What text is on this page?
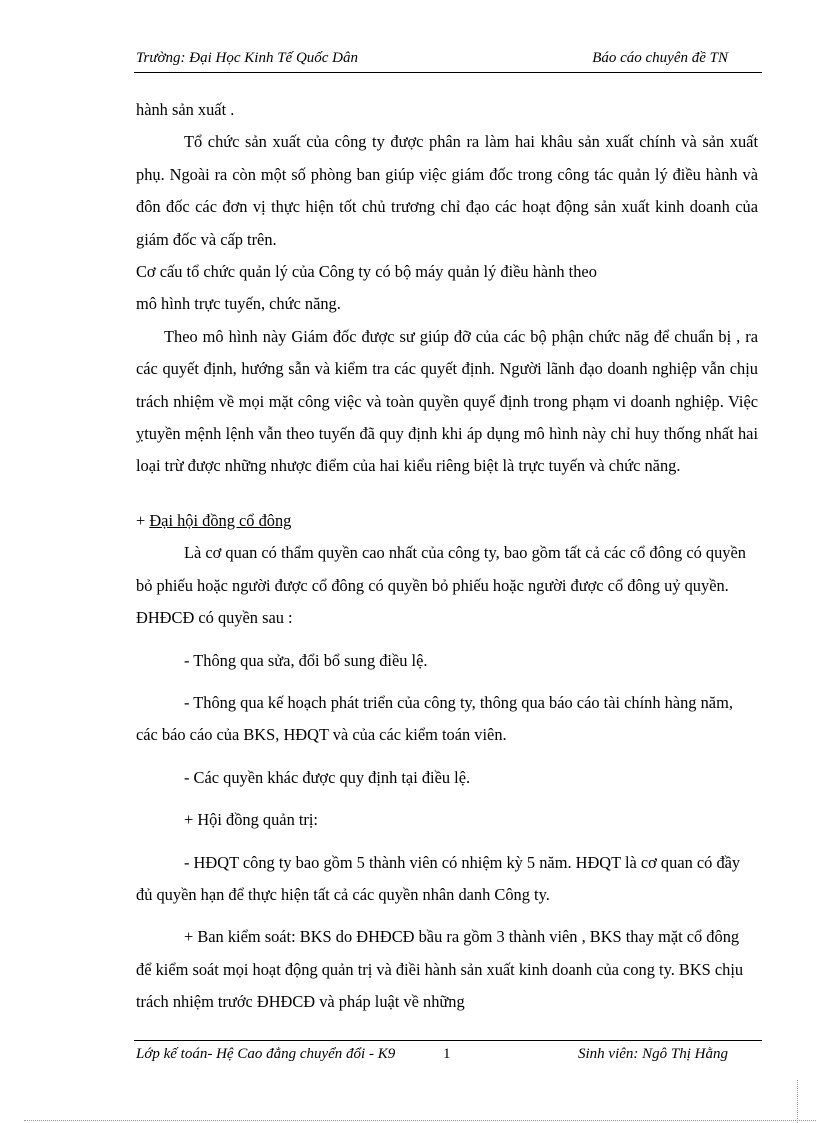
Trường: Đại Học Kinh Tế Quốc Dân	Báo cáo chuyên đề TN

hành sản xuất .

Tổ chức sản xuất của công ty được phân ra làm hai khâu sản xuất chính và sản xuất phụ. Ngoài ra còn một số phòng ban giúp việc giám đốc trong công tác quản lý điều hành và đôn đốc các đơn vị thực hiện tốt chủ trương chỉ đạo các hoạt động sản xuất kinh doanh của giám đốc và cấp trên.

Cơ cấu tổ chức quản lý của Công ty có bộ máy quản lý điều hành theo

mô hình trực tuyến, chức năng.

Theo mô hình này Giám đốc được sư giúp đỡ của các bộ phận chức năg để chuẩn bị , ra các quyết định, hướng sẫn và kiểm tra các quyết định. Người lãnh đạo doanh nghiệp vẫn chịu trách nhiệm về mọi mặt công việc và toàn quyền quyế định trong phạm vi doanh nghiệp. Việc ỵtuyền mệnh lệnh vẫn theo tuyến đã quy định khi áp dụng mô hình này chỉ huy thống nhất hai loại trừ được những nhược điểm của hai kiểu riêng biệt là trực tuyến và chức năng.

+ Đại hội đồng cổ đông

Là cơ quan có thẩm quyền cao nhất của công ty, bao gồm tất cả các cổ đông có quyền bỏ phiếu hoặc người được cổ đông có quyền bỏ phiếu hoặc người được cổ đông uỷ quyền. ĐHĐCĐ có quyền sau :

- Thông qua sửa, đổi bổ sung điều lệ.

- Thông qua kế hoạch phát triển của công ty, thông qua báo cáo tài chính hàng năm, các báo cáo của BKS, HĐQT và của các kiểm toán viên.

- Các quyền khác được quy định tại điều lệ.

+ Hội đồng quản trị:

- HĐQT công ty bao gồm 5 thành viên có nhiệm kỳ 5 năm. HĐQT là cơ quan có đầy đủ quyền hạn để thực hiện tất cả các quyền nhân danh Công ty.

+ Ban kiểm soát: BKS do ĐHĐCĐ bầu ra gồm 3 thành viên , BKS thay mặt cổ đông để kiểm soát mọi hoạt động quản trị và điềi hành sản xuất kinh doanh của cong ty. BKS chịu trách nhiệm trước ĐHĐCĐ và pháp luật về những

Lớp kế toán- Hệ Cao đẳng chuyển đổi - K9	1	Sinh viên: Ngô Thị Hằng
